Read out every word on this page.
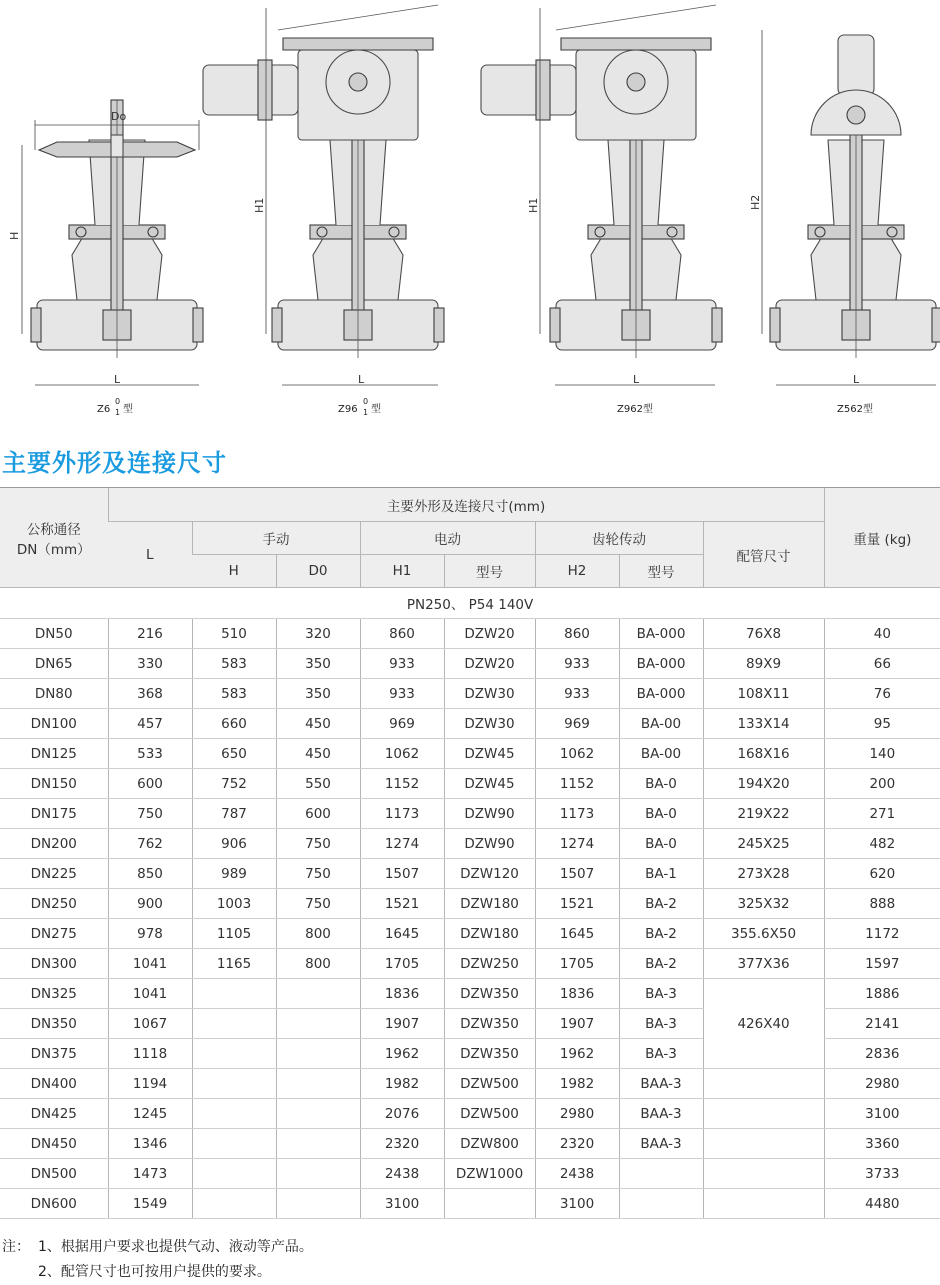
Do
H
L
H1
L
H1
L
H2
L
Z6
0
1 型	Z96
0
1 型	Z962型	Z562型
主要外形及连接尺寸
公称通径
DN（mm）	主要外形及连接尺寸(mm)								重量 (kg)
	L	手动		电动		齿轮传动		配管尺寸	
		H	D0	H1	型号	H2	型号		
PN250、 P54 140V									
DN50	216	510	320	860	DZW20	860	BA-000	76X8	40
DN65	330	583	350	933	DZW20	933	BA-000	89X9	66
DN80	368	583	350	933	DZW30	933	BA-000	108X11	76
DN100	457	660	450	969	DZW30	969	BA-00	133X14	95
DN125	533	650	450	1062	DZW45	1062	BA-00	168X16	140
DN150	600	752	550	1152	DZW45	1152	BA-0	194X20	200
DN175	750	787	600	1173	DZW90	1173	BA-0	219X22	271
DN200	762	906	750	1274	DZW90	1274	BA-0	245X25	482
DN225	850	989	750	1507	DZW120	1507	BA-1	273X28	620
DN250	900	1003	750	1521	DZW180	1521	BA-2	325X32	888
DN275	978	1105	800	1645	DZW180	1645	BA-2	355.6X50	1172
DN300	1041	1165	800	1705	DZW250	1705	BA-2	377X36	1597
DN325	1041			1836	DZW350	1836	BA-3	426X40	1886
DN350	1067			1907	DZW350	1907	BA-3		2141
DN375	1118			1962	DZW350	1962	BA-3		2836
DN400	1194			1982	DZW500	1982	BAA-3		2980
DN425	1245			2076	DZW500	2980	BAA-3		3100
DN450	1346			2320	DZW800	2320	BAA-3		3360
DN500	1473			2438	DZW1000	2438			3733
DN600	1549			3100		3100			4480
注： 1、根据用户要求也提供气动、液动等产品。
2、配管尺寸也可按用户提供的要求。
